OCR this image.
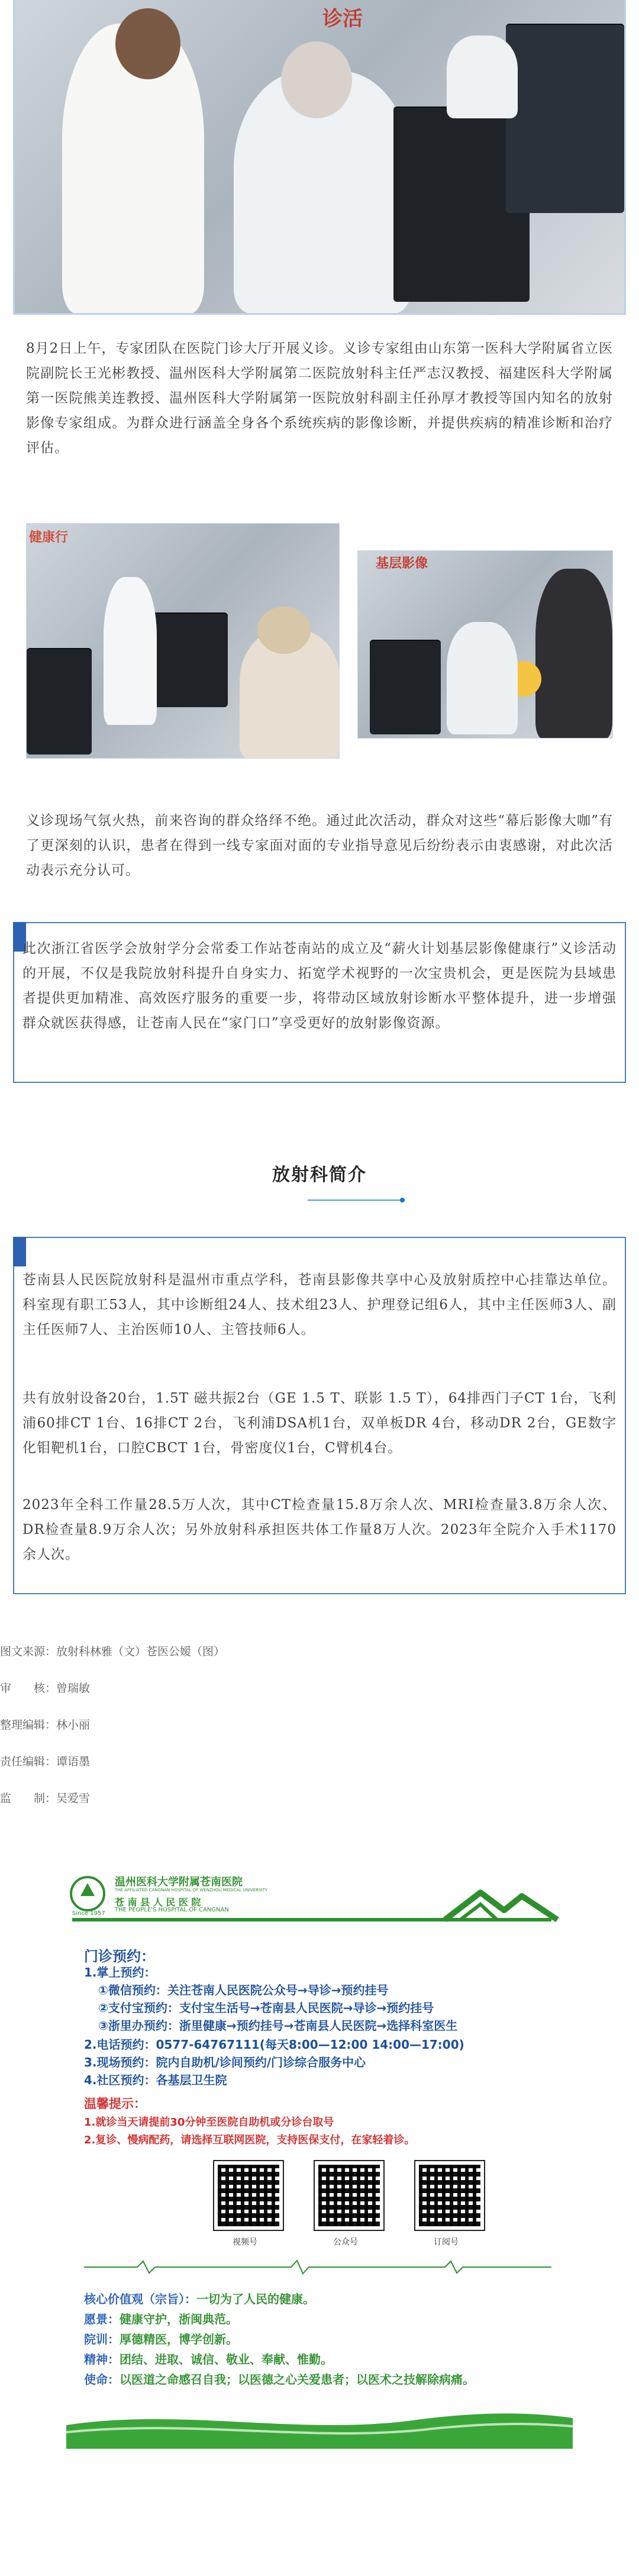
诊活
8月2日上午，专家团队在医院门诊大厅开展义诊。义诊专家组由山东第一医科大学附属省立医院副院长王光彬教授、温州医科大学附属第二医院放射科主任严志汉教授、福建医科大学附属第一医院熊美连教授、温州医科大学附属第一医院放射科副主任孙厚才教授等国内知名的放射影像专家组成。为群众进行涵盖全身各个系统疾病的影像诊断，并提供疾病的精准诊断和治疗评估。
健康行
基层影像
义诊现场气氛火热，前来咨询的群众络绎不绝。通过此次活动，群众对这些“幕后影像大咖”有了更深刻的认识，患者在得到一线专家面对面的专业指导意见后纷纷表示由衷感谢，对此次活动表示充分认可。
此次浙江省医学会放射学分会常委工作站苍南站的成立及“薪火计划基层影像健康行”义诊活动的开展，不仅是我院放射科提升自身实力、拓宽学术视野的一次宝贵机会，更是医院为县域患者提供更加精准、高效医疗服务的重要一步，将带动区域放射诊断水平整体提升，进一步增强群众就医获得感，让苍南人民在“家门口”享受更好的放射影像资源。
放射科简介
苍南县人民医院放射科是温州市重点学科，苍南县影像共享中心及放射质控中心挂靠达单位。科室现有职工53人，其中诊断组24人、技术组23人、护理登记组6人，其中主任医师3人、副主任医师7人、主治医师10人、主管技师6人。
共有放射设备20台，1.5T 磁共振2台（GE 1.5 T、联影 1.5 T），64排西门子CT 1台，飞利浦60排CT 1台、16排CT 2台，飞利浦DSA机1台，双单板DR 4台，移动DR 2台，GE数字化钼靶机1台，口腔CBCT 1台，骨密度仪1台，C臂机4台。
2023年全科工作量28.5万人次，其中CT检查量15.8万余人次、MRI检查量3.8万余人次、DR检查量8.9万余人次；另外放射科承担医共体工作量8万人次。2023年全院介入手术1170余人次。
图文来源：放射科林雅（文）苍医公嫒（图）
审　　核：曾瑞敏
整理编辑：林小丽
责任编辑：谭语墨
监　　制：吴爱雪
Since 1957
温州医科大学附属苍南医院
THE AFFILIATED CANGNAN HOSPITAL OF WENZHOU MEDICAL UNIVERSITY
苍 南 县 人 民 医 院
THE PEOPLE'S HOSPITAL OF CANGNAN
门诊预约：
1.掌上预约：
①微信预约：关注苍南人民医院公众号→导诊→预约挂号
②支付宝预约：支付宝生活号→苍南县人民医院→导诊→预约挂号
③浙里办预约：浙里健康→预约挂号→苍南县人民医院→选择科室医生
2.电话预约：0577-64767111(每天8:00—12:00 14:00—17:00)
3.现场预约：院内自助机/诊间预约/门诊综合服务中心
4.社区预约：各基层卫生院
温馨提示：
1.就诊当天请提前30分钟至医院自助机或分诊台取号
2.复诊、慢病配药，请选择互联网医院，支持医保支付，在家轻着诊。
视频号	公众号	订阅号
核心价值观（宗旨）：一切为了人民的健康。
愿景：健康守护，浙闽典范。
院训：厚德精医，博学创新。
精神：团结、进取、诚信、敬业、奉献、惟勤。
使命：以医道之命感召自我；以医德之心关爱患者；以医术之技解除病痛。
